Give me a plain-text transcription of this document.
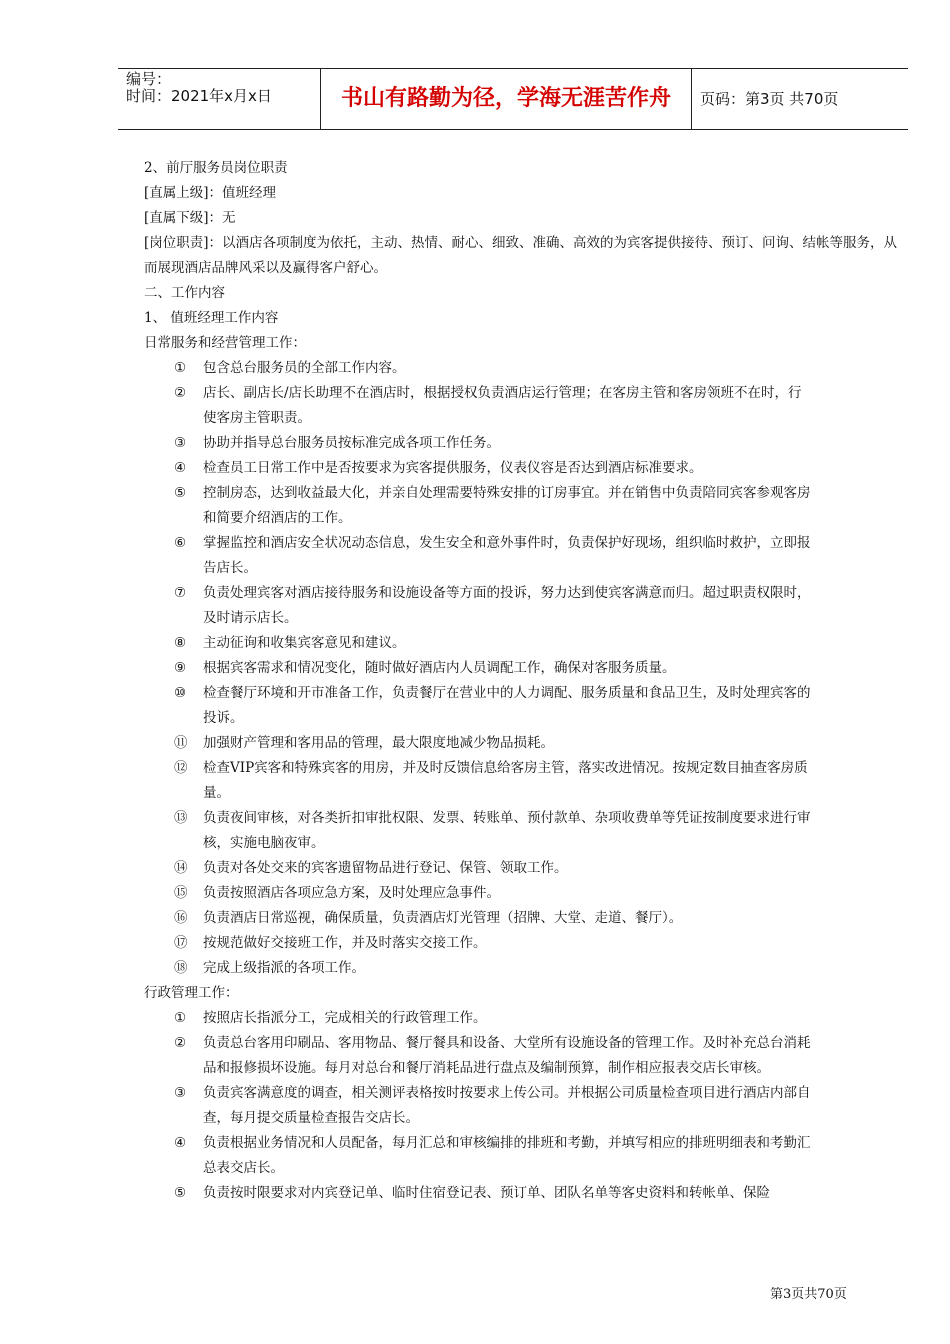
编号：
时间：2021年x月x日	书山有路勤为径，学海无涯苦作舟	页码：第3页 共70页
2、前厅服务员岗位职责
[直属上级]：值班经理
[直属下级]：无
[岗位职责]：以酒店各项制度为依托，主动、热情、耐心、细致、准确、高效的为宾客提供接待、预订、问询、结帐等服务，从
而展现酒店品牌风采以及赢得客户舒心。
二、工作内容
1、 值班经理工作内容
日常服务和经营管理工作：
①	包含总台服务员的全部工作内容。
②	店长、副店长/店长助理不在酒店时，根据授权负责酒店运行管理；在客房主管和客房领班不在时，行使客房主管职责。
③	协助并指导总台服务员按标准完成各项工作任务。
④	检查员工日常工作中是否按要求为宾客提供服务，仪表仪容是否达到酒店标准要求。
⑤	控制房态，达到收益最大化，并亲自处理需要特殊安排的订房事宜。并在销售中负责陪同宾客参观客房和简要介绍酒店的工作。
⑥	掌握监控和酒店安全状况动态信息，发生安全和意外事件时，负责保护好现场，组织临时救护，立即报告店长。
⑦	负责处理宾客对酒店接待服务和设施设备等方面的投诉，努力达到使宾客满意而归。超过职责权限时，及时请示店长。
⑧	主动征询和收集宾客意见和建议。
⑨	根据宾客需求和情况变化，随时做好酒店内人员调配工作，确保对客服务质量。
⑩	检查餐厅环境和开市准备工作，负责餐厅在营业中的人力调配、服务质量和食品卫生，及时处理宾客的投诉。
⑪	加强财产管理和客用品的管理，最大限度地减少物品损耗。
⑫	检查VIP宾客和特殊宾客的用房，并及时反馈信息给客房主管，落实改进情况。按规定数目抽查客房质量。
⑬	负责夜间审核，对各类折扣审批权限、发票、转账单、预付款单、杂项收费单等凭证按制度要求进行审核，实施电脑夜审。
⑭	负责对各处交来的宾客遗留物品进行登记、保管、领取工作。
⑮	负责按照酒店各项应急方案，及时处理应急事件。
⑯	负责酒店日常巡视，确保质量，负责酒店灯光管理（招牌、大堂、走道、餐厅）。
⑰	按规范做好交接班工作，并及时落实交接工作。
⑱	完成上级指派的各项工作。
行政管理工作：
①	按照店长指派分工，完成相关的行政管理工作。
②	负责总台客用印刷品、客用物品、餐厅餐具和设备、大堂所有设施设备的管理工作。及时补充总台消耗品和报修损坏设施。每月对总台和餐厅消耗品进行盘点及编制预算，制作相应报表交店长审核。
③	负责宾客满意度的调查，相关测评表格按时按要求上传公司。并根据公司质量检查项目进行酒店内部自查，每月提交质量检查报告交店长。
④	负责根据业务情况和人员配备，每月汇总和审核编排的排班和考勤，并填写相应的排班明细表和考勤汇总表交店长。
⑤	负责按时限要求对内宾登记单、临时住宿登记表、预订单、团队名单等客史资料和转帐单、保险
第3页共70页
